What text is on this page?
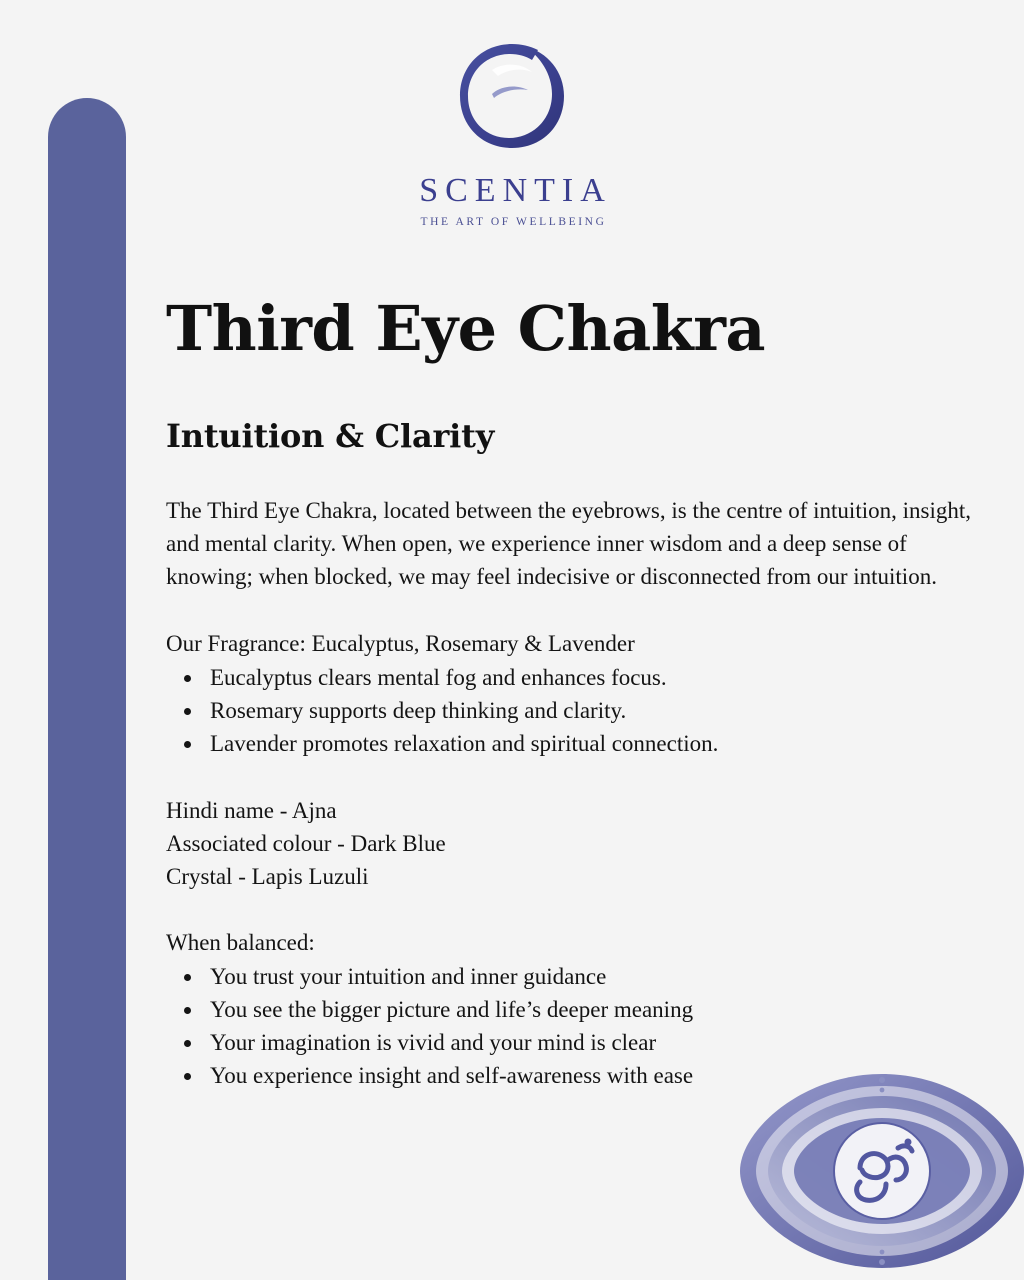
SCENTIA
THE ART OF WELLBEING
Third Eye Chakra
Intuition & Clarity

The Third Eye Chakra, located between the eyebrows, is the centre of intuition, insight, and mental clarity. When open, we experience inner wisdom and a deep sense of knowing; when blocked, we may feel indecisive or disconnected from our intuition.

Our Fragrance: Eucalyptus, Rosemary & Lavender

• Eucalyptus clears mental fog and enhances focus.
• Rosemary supports deep thinking and clarity.
• Lavender promotes relaxation and spiritual connection.
Hindi name - Ajna
Associated colour - Dark Blue
Crystal - Lapis Luzuli

When balanced:

• You trust your intuition and inner guidance
• You see the bigger picture and life’s deeper meaning
• Your imagination is vivid and your mind is clear
• You experience insight and self-awareness with ease
